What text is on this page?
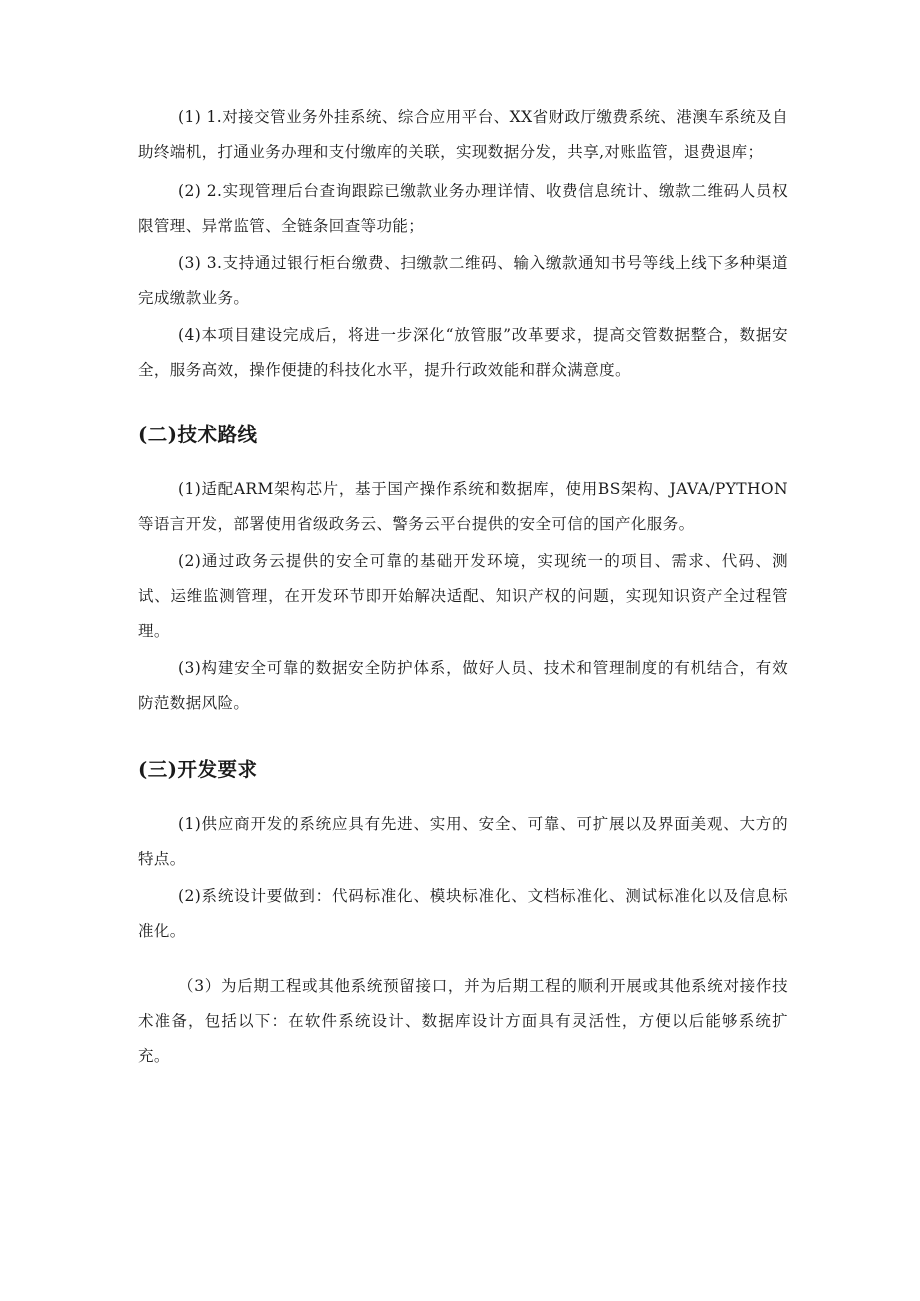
(1) 1.对接交管业务外挂系统、综合应用平台、XX省财政厅缴费系统、港澳车系统及自助终端机，打通业务办理和支付缴库的关联，实现数据分发，共享,对账监管，退费退库；

(2) 2.实现管理后台查询跟踪已缴款业务办理详情、收费信息统计、缴款二维码人员权限管理、异常监管、全链条回查等功能；

(3) 3.支持通过银行柜台缴费、扫缴款二维码、输入缴款通知书号等线上线下多种渠道完成缴款业务。

(4)本项目建设完成后，将进一步深化“放管服”改革要求，提高交管数据整合，数据安全，服务高效，操作便捷的科技化水平，提升行政效能和群众满意度。

(二)技术路线

(1)适配ARM架构芯片，基于国产操作系统和数据库，使用BS架构、JAVA/PYTHON等语言开发，部署使用省级政务云、警务云平台提供的安全可信的国产化服务。

(2)通过政务云提供的安全可靠的基础开发环境，实现统一的项目、需求、代码、测试、运维监测管理，在开发环节即开始解决适配、知识产权的问题，实现知识资产全过程管理。

(3)构建安全可靠的数据安全防护体系，做好人员、技术和管理制度的有机结合，有效防范数据风险。

(三)开发要求

(1)供应商开发的系统应具有先进、实用、安全、可靠、可扩展以及界面美观、大方的特点。

(2)系统设计要做到：代码标准化、模块标准化、文档标准化、测试标准化以及信息标准化。

（3）为后期工程或其他系统预留接口，并为后期工程的顺利开展或其他系统对接作技术准备，包括以下：在软件系统设计、数据库设计方面具有灵活性，方便以后能够系统扩充。
